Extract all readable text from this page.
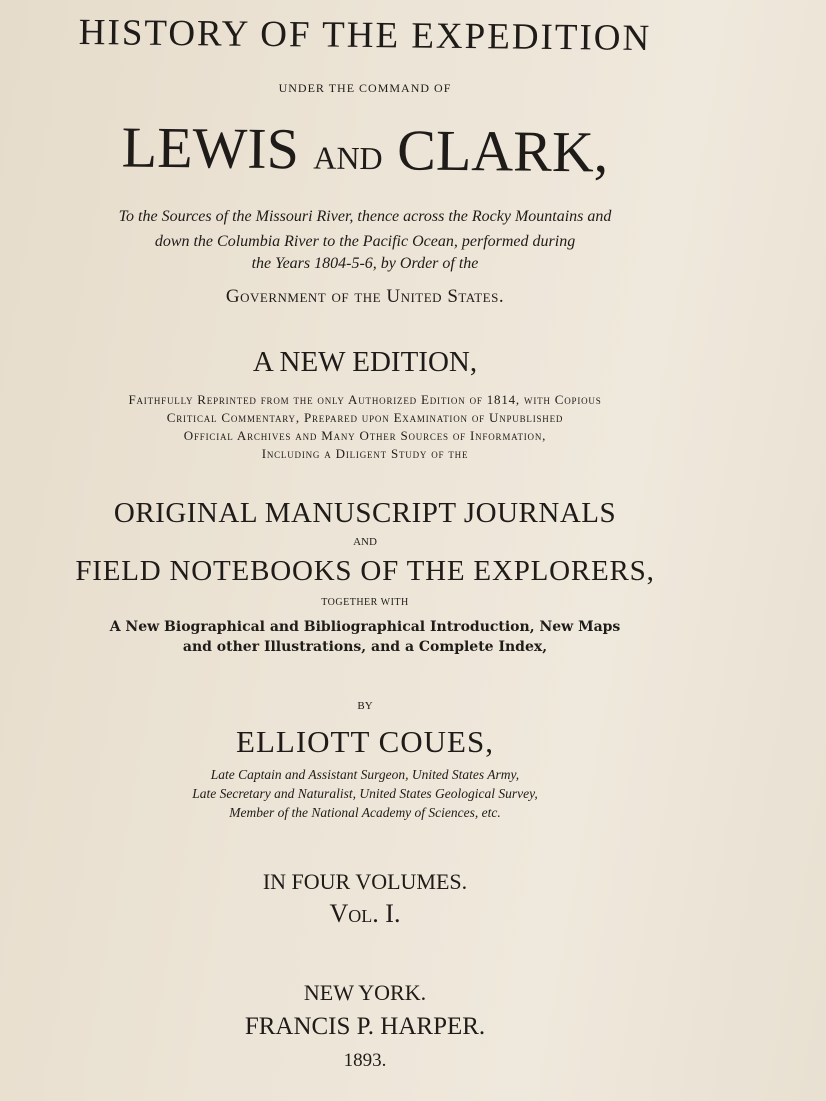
HISTORY OF THE EXPEDITION
UNDER THE COMMAND OF
LEWIS AND CLARK,
To the Sources of the Missouri River, thence across the Rocky Mountains and
down the Columbia River to the Pacific Ocean, performed during
the Years 1804-5-6, by Order of the
Government of the United States.
A NEW EDITION,
Faithfully Reprinted from the only Authorized Edition of 1814, with Copious
Critical Commentary, Prepared upon Examination of Unpublished
Official Archives and Many Other Sources of Information,
Including a Diligent Study of the
ORIGINAL MANUSCRIPT JOURNALS
AND
FIELD NOTEBOOKS OF THE EXPLORERS,
TOGETHER WITH
A New Biographical and Bibliographical Introduction, New Maps
and other Illustrations, and a Complete Index,
BY
ELLIOTT COUES,
Late Captain and Assistant Surgeon, United States Army,
Late Secretary and Naturalist, United States Geological Survey,
Member of the National Academy of Sciences, etc.
IN FOUR VOLUMES.
Vol. I.
NEW YORK.
FRANCIS P. HARPER.
1893.
